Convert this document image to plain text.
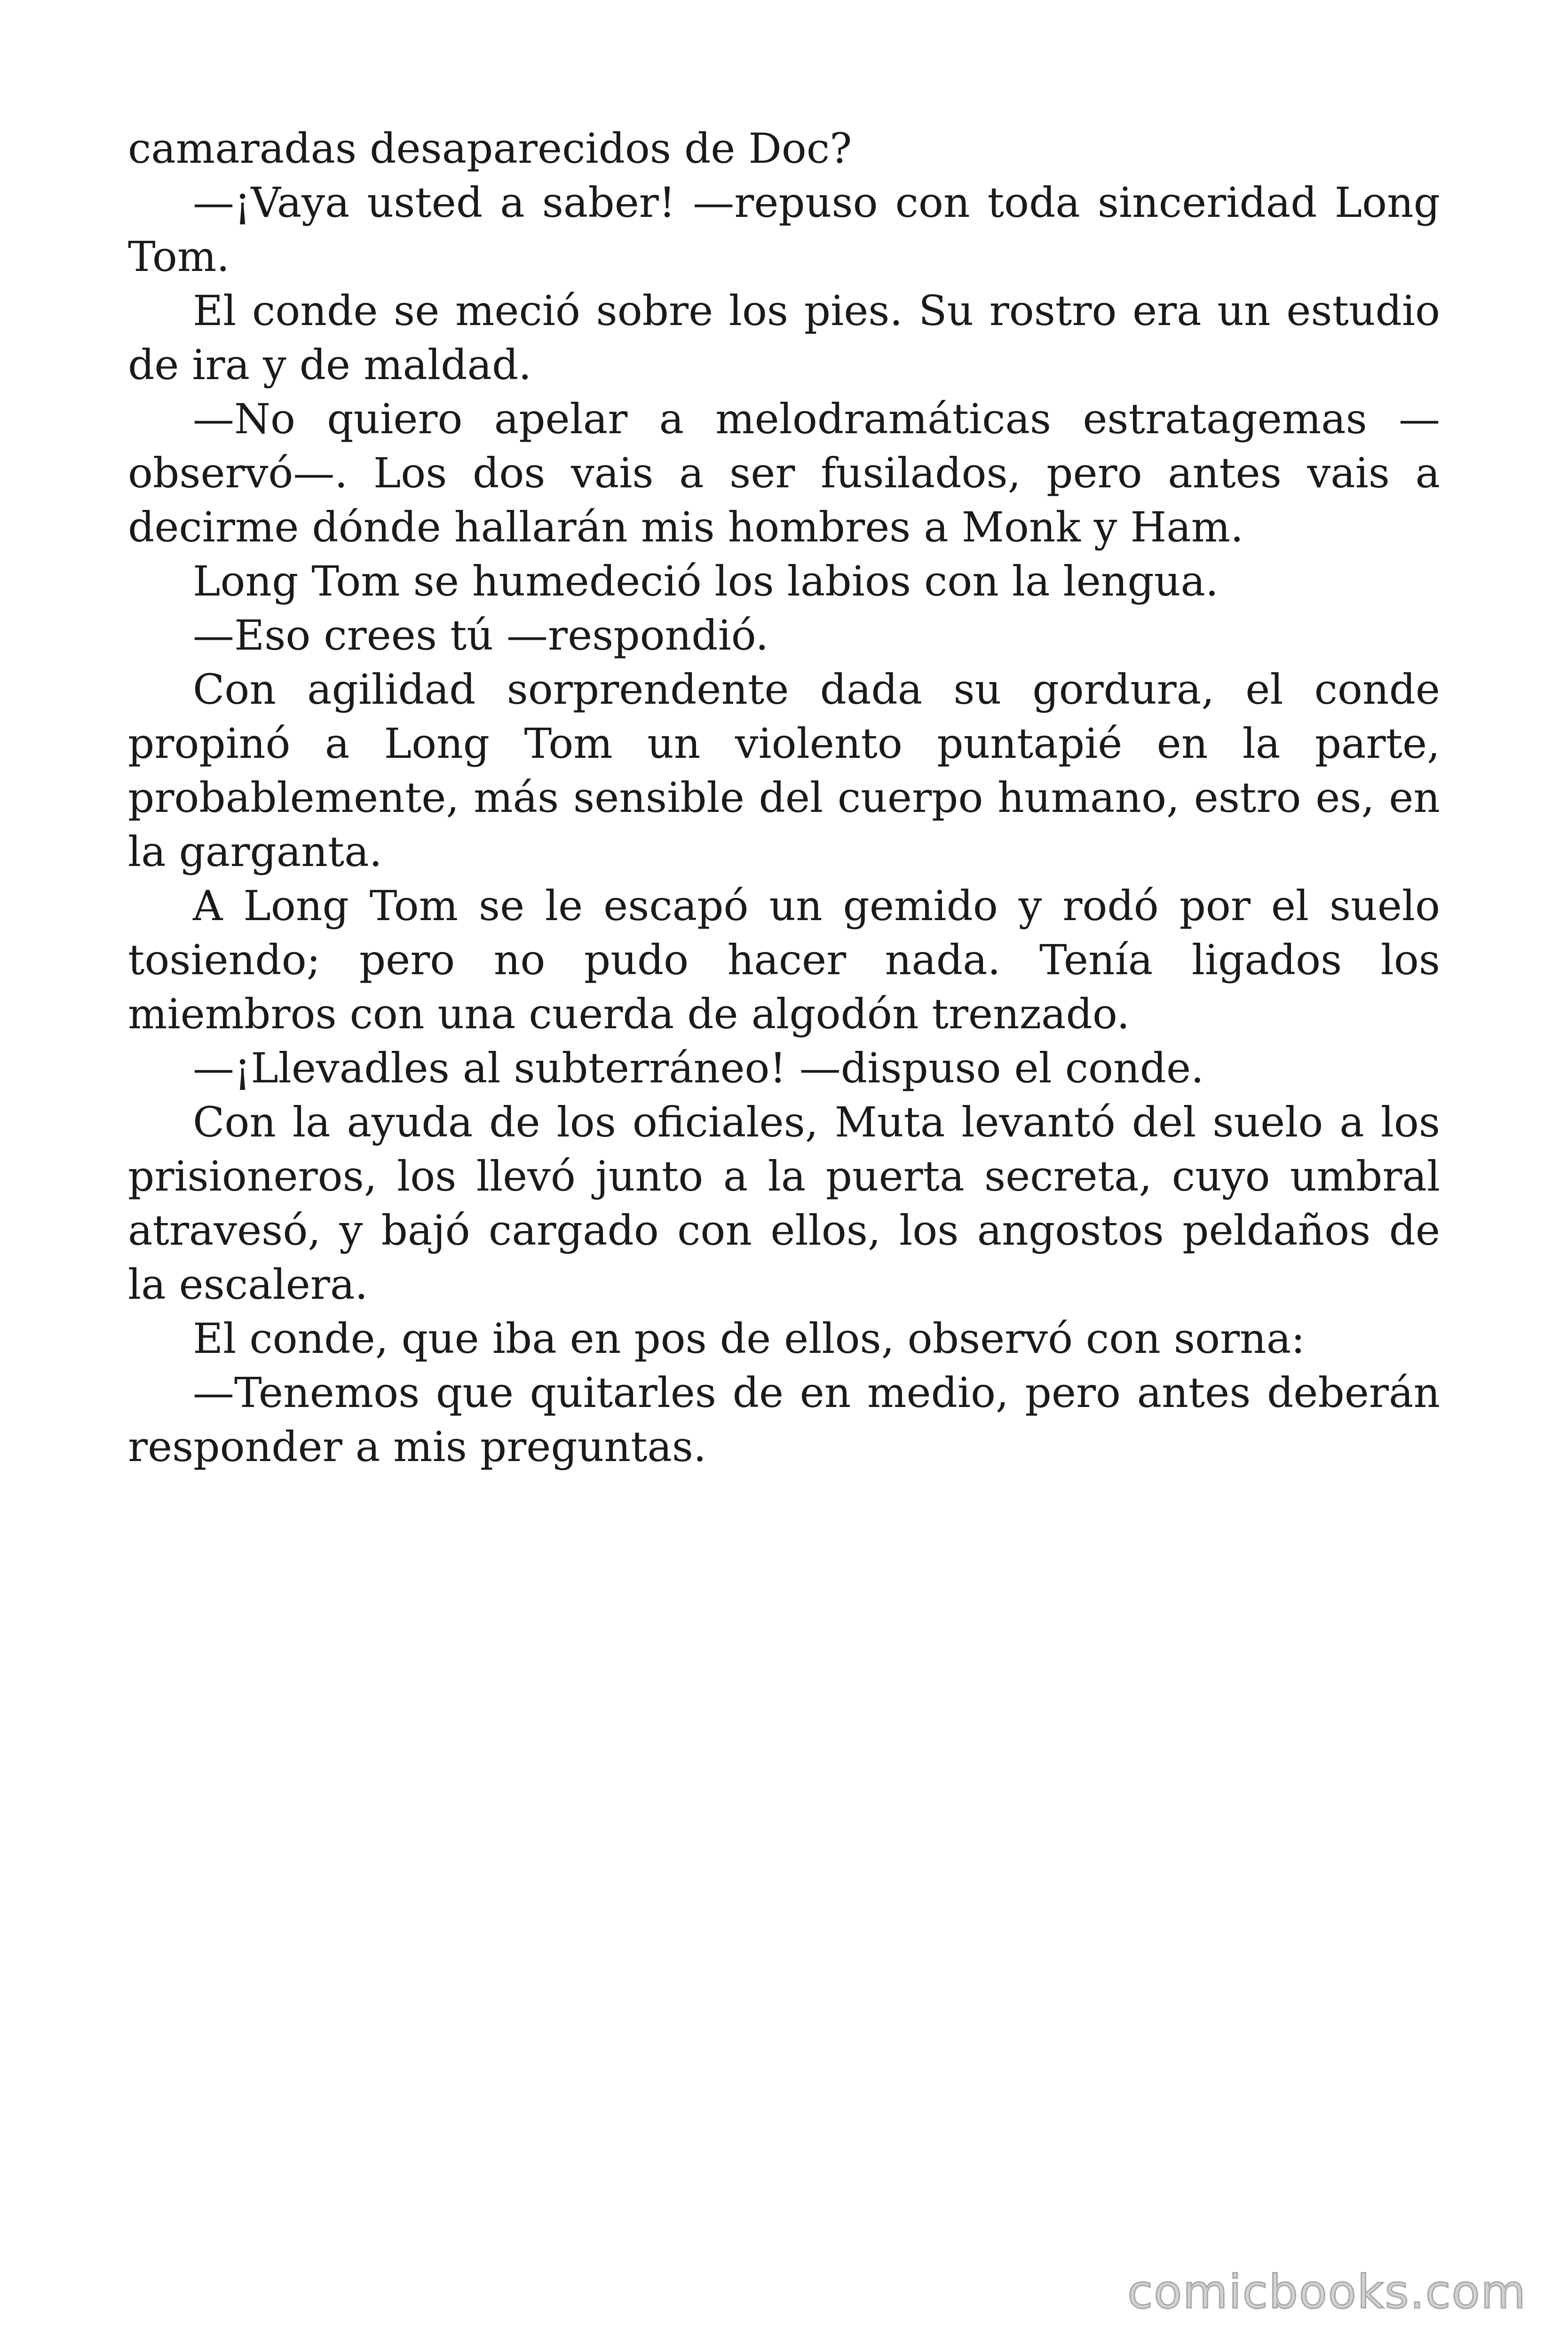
camaradas desaparecidos de Doc?

—¡Vaya usted a saber! —repuso con toda sinceridad Long Tom.

El conde se meció sobre los pies. Su rostro era un estudio de ira y de maldad.

—No quiero apelar a melodramáticas estratagemas —observó—. Los dos vais a ser fusilados, pero antes vais a decirme dónde hallarán mis hombres a Monk y Ham.

Long Tom se humedeció los labios con la lengua.

—Eso crees tú —respondió.

Con agilidad sorprendente dada su gordura, el conde propinó a Long Tom un violento puntapié en la parte, probablemente, más sensible del cuerpo humano, estro es, en la garganta.

A Long Tom se le escapó un gemido y rodó por el suelo tosiendo; pero no pudo hacer nada. Tenía ligados los miembros con una cuerda de algodón trenzado.

—¡Llevadles al subterráneo! —dispuso el conde.

Con la ayuda de los oficiales, Muta levantó del suelo a los prisioneros, los llevó junto a la puerta secreta, cuyo umbral atravesó, y bajó cargado con ellos, los angostos peldaños de la escalera.

El conde, que iba en pos de ellos, observó con sorna:

—Tenemos que quitarles de en medio, pero antes deberán responder a mis preguntas.

comicbooks.com
